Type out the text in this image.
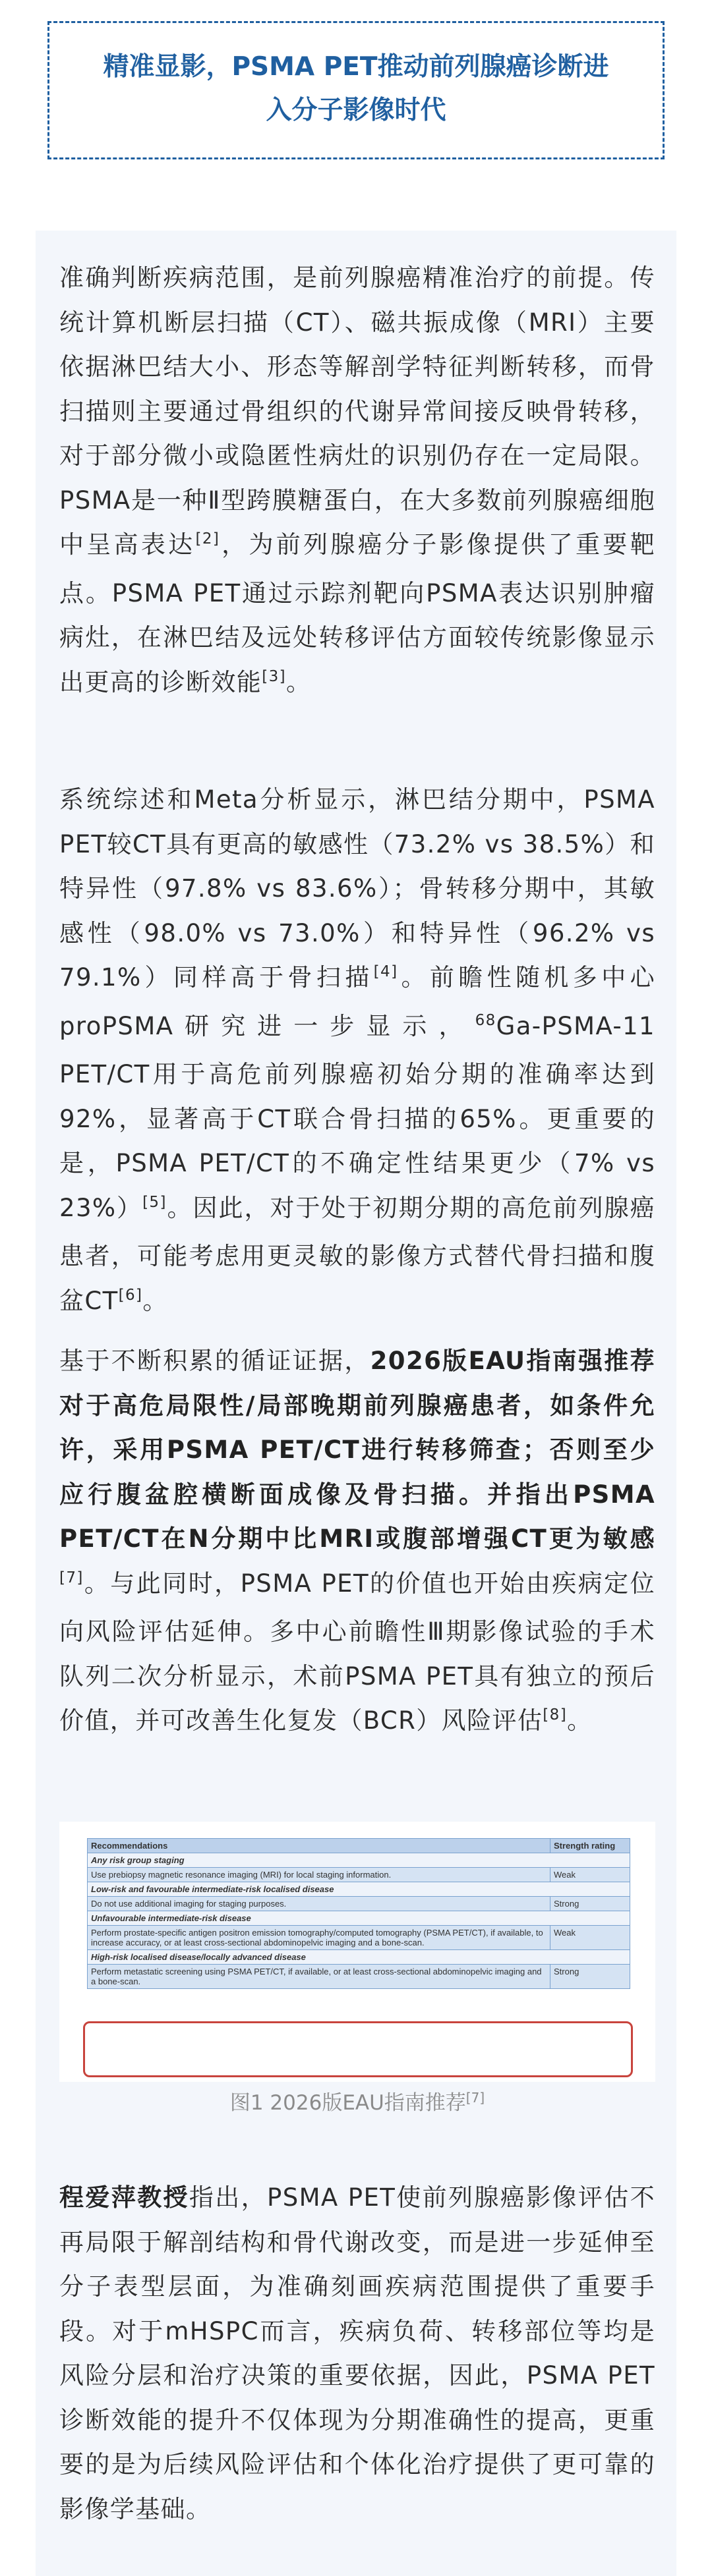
精准显影，PSMA PET推动前列腺癌诊断进
入分子影像时代
准确判断疾病范围，是前列腺癌精准治疗的前提。传统计算机断层扫描（CT）、磁共振成像（MRI）主要依据淋巴结大小、形态等解剖学特征判断转移，而骨扫描则主要通过骨组织的代谢异常间接反映骨转移，对于部分微小或隐匿性病灶的识别仍存在一定局限。PSMA是一种Ⅱ型跨膜糖蛋白，在大多数前列腺癌细胞中呈高表达[2]，为前列腺癌分子影像提供了重要靶点。PSMA PET通过示踪剂靶向PSMA表达识别肿瘤病灶，在淋巴结及远处转移评估方面较传统影像显示出更高的诊断效能[3]。
系统综述和Meta分析显示，淋巴结分期中，PSMA PET较CT具有更高的敏感性（73.2% vs 38.5%）和特异性（97.8% vs 83.6%）；骨转移分期中，其敏感性（98.0% vs 73.0%）和特异性（96.2% vs 79.1%）同样高于骨扫描[4]。前瞻性随机多中心proPSMA研究进一步显示，$^{68}$Ga-PSMA-11 PET/CT用于高危前列腺癌初始分期的准确率达到92%，显著高于CT联合骨扫描的65%。更重要的是，PSMA PET/CT的不确定性结果更少（7% vs 23%）[5]。因此，对于处于初期分期的高危前列腺癌患者，可能考虑用更灵敏的影像方式替代骨扫描和腹盆CT[6]。
基于不断积累的循证证据，2026版EAU指南强推荐对于高危局限性/局部晚期前列腺癌患者，如条件允许，采用PSMA PET/CT进行转移筛查；否则至少应行腹盆腔横断面成像及骨扫描。并指出PSMA PET/CT在N分期中比MRI或腹部增强CT更为敏感[7]。与此同时，PSMA PET的价值也开始由疾病定位向风险评估延伸。多中心前瞻性Ⅲ期影像试验的手术队列二次分析显示，术前PSMA PET具有独立的预后价值，并可改善生化复发（BCR）风险评估[8]。
Recommendations	Strength rating
Any risk group staging	
Use prebiopsy magnetic resonance imaging (MRI) for local staging information.	Weak
Low-risk and favourable intermediate-risk localised disease	
Do not use additional imaging for staging purposes.	Strong
Unfavourable intermediate-risk disease	
Perform prostate-specific antigen positron emission tomography/computed tomography (PSMA PET/CT), if available, to increase accuracy, or at least cross-sectional abdominopelvic imaging and a bone-scan.	Weak
High-risk localised disease/locally advanced disease	
Perform metastatic screening using PSMA PET/CT, if available, or at least cross-sectional abdominopelvic imaging and a bone-scan.	Strong
图1 2026版EAU指南推荐[7]
程爱萍教授指出，PSMA PET使前列腺癌影像评估不再局限于解剖结构和骨代谢改变，而是进一步延伸至分子表型层面，为准确刻画疾病范围提供了重要手段。对于mHSPC而言，疾病负荷、转移部位等均是风险分层和治疗决策的重要依据，因此，PSMA PET诊断效能的提升不仅体现为分期准确性的提高，更重要的是为后续风险评估和个体化治疗提供了更可靠的影像学基础。
